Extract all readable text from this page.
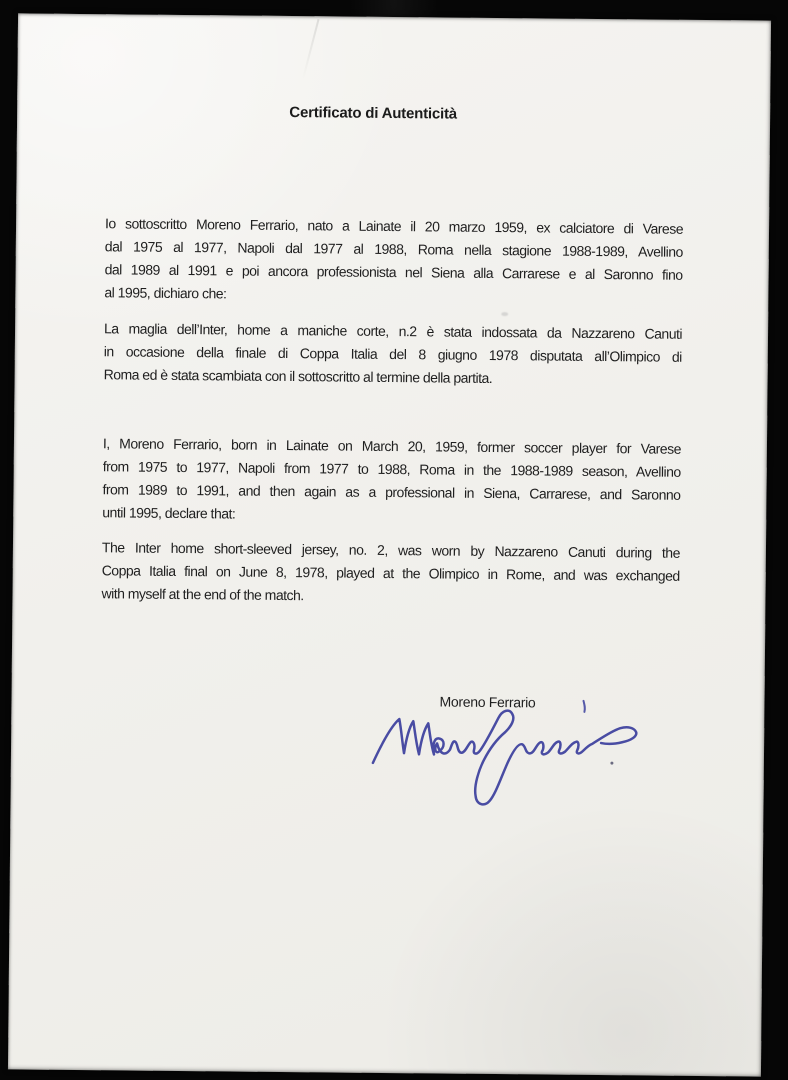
Certificato di Autenticità
Io sottoscritto Moreno Ferrario, nato a Lainate il 20 marzo 1959, ex calciatore di Varese
dal 1975 al 1977, Napoli dal 1977 al 1988, Roma nella stagione 1988-1989, Avellino
dal 1989 al 1991 e poi ancora professionista nel Siena alla Carrarese e al Saronno fino
al 1995, dichiaro che:
La maglia dell’Inter, home a maniche corte, n.2 è stata indossata da Nazzareno Canuti
in occasione della finale di Coppa Italia del 8 giugno 1978 disputata all’Olimpico di
Roma ed è stata scambiata con il sottoscritto al termine della partita.
I, Moreno Ferrario, born in Lainate on March 20, 1959, former soccer player for Varese
from 1975 to 1977, Napoli from 1977 to 1988, Roma in the 1988-1989 season, Avellino
from 1989 to 1991, and then again as a professional in Siena, Carrarese, and Saronno
until 1995, declare that:
The Inter home short-sleeved jersey, no. 2, was worn by Nazzareno Canuti during the
Coppa Italia final on June 8, 1978, played at the Olimpico in Rome, and was exchanged
with myself at the end of the match.
Moreno Ferrario
